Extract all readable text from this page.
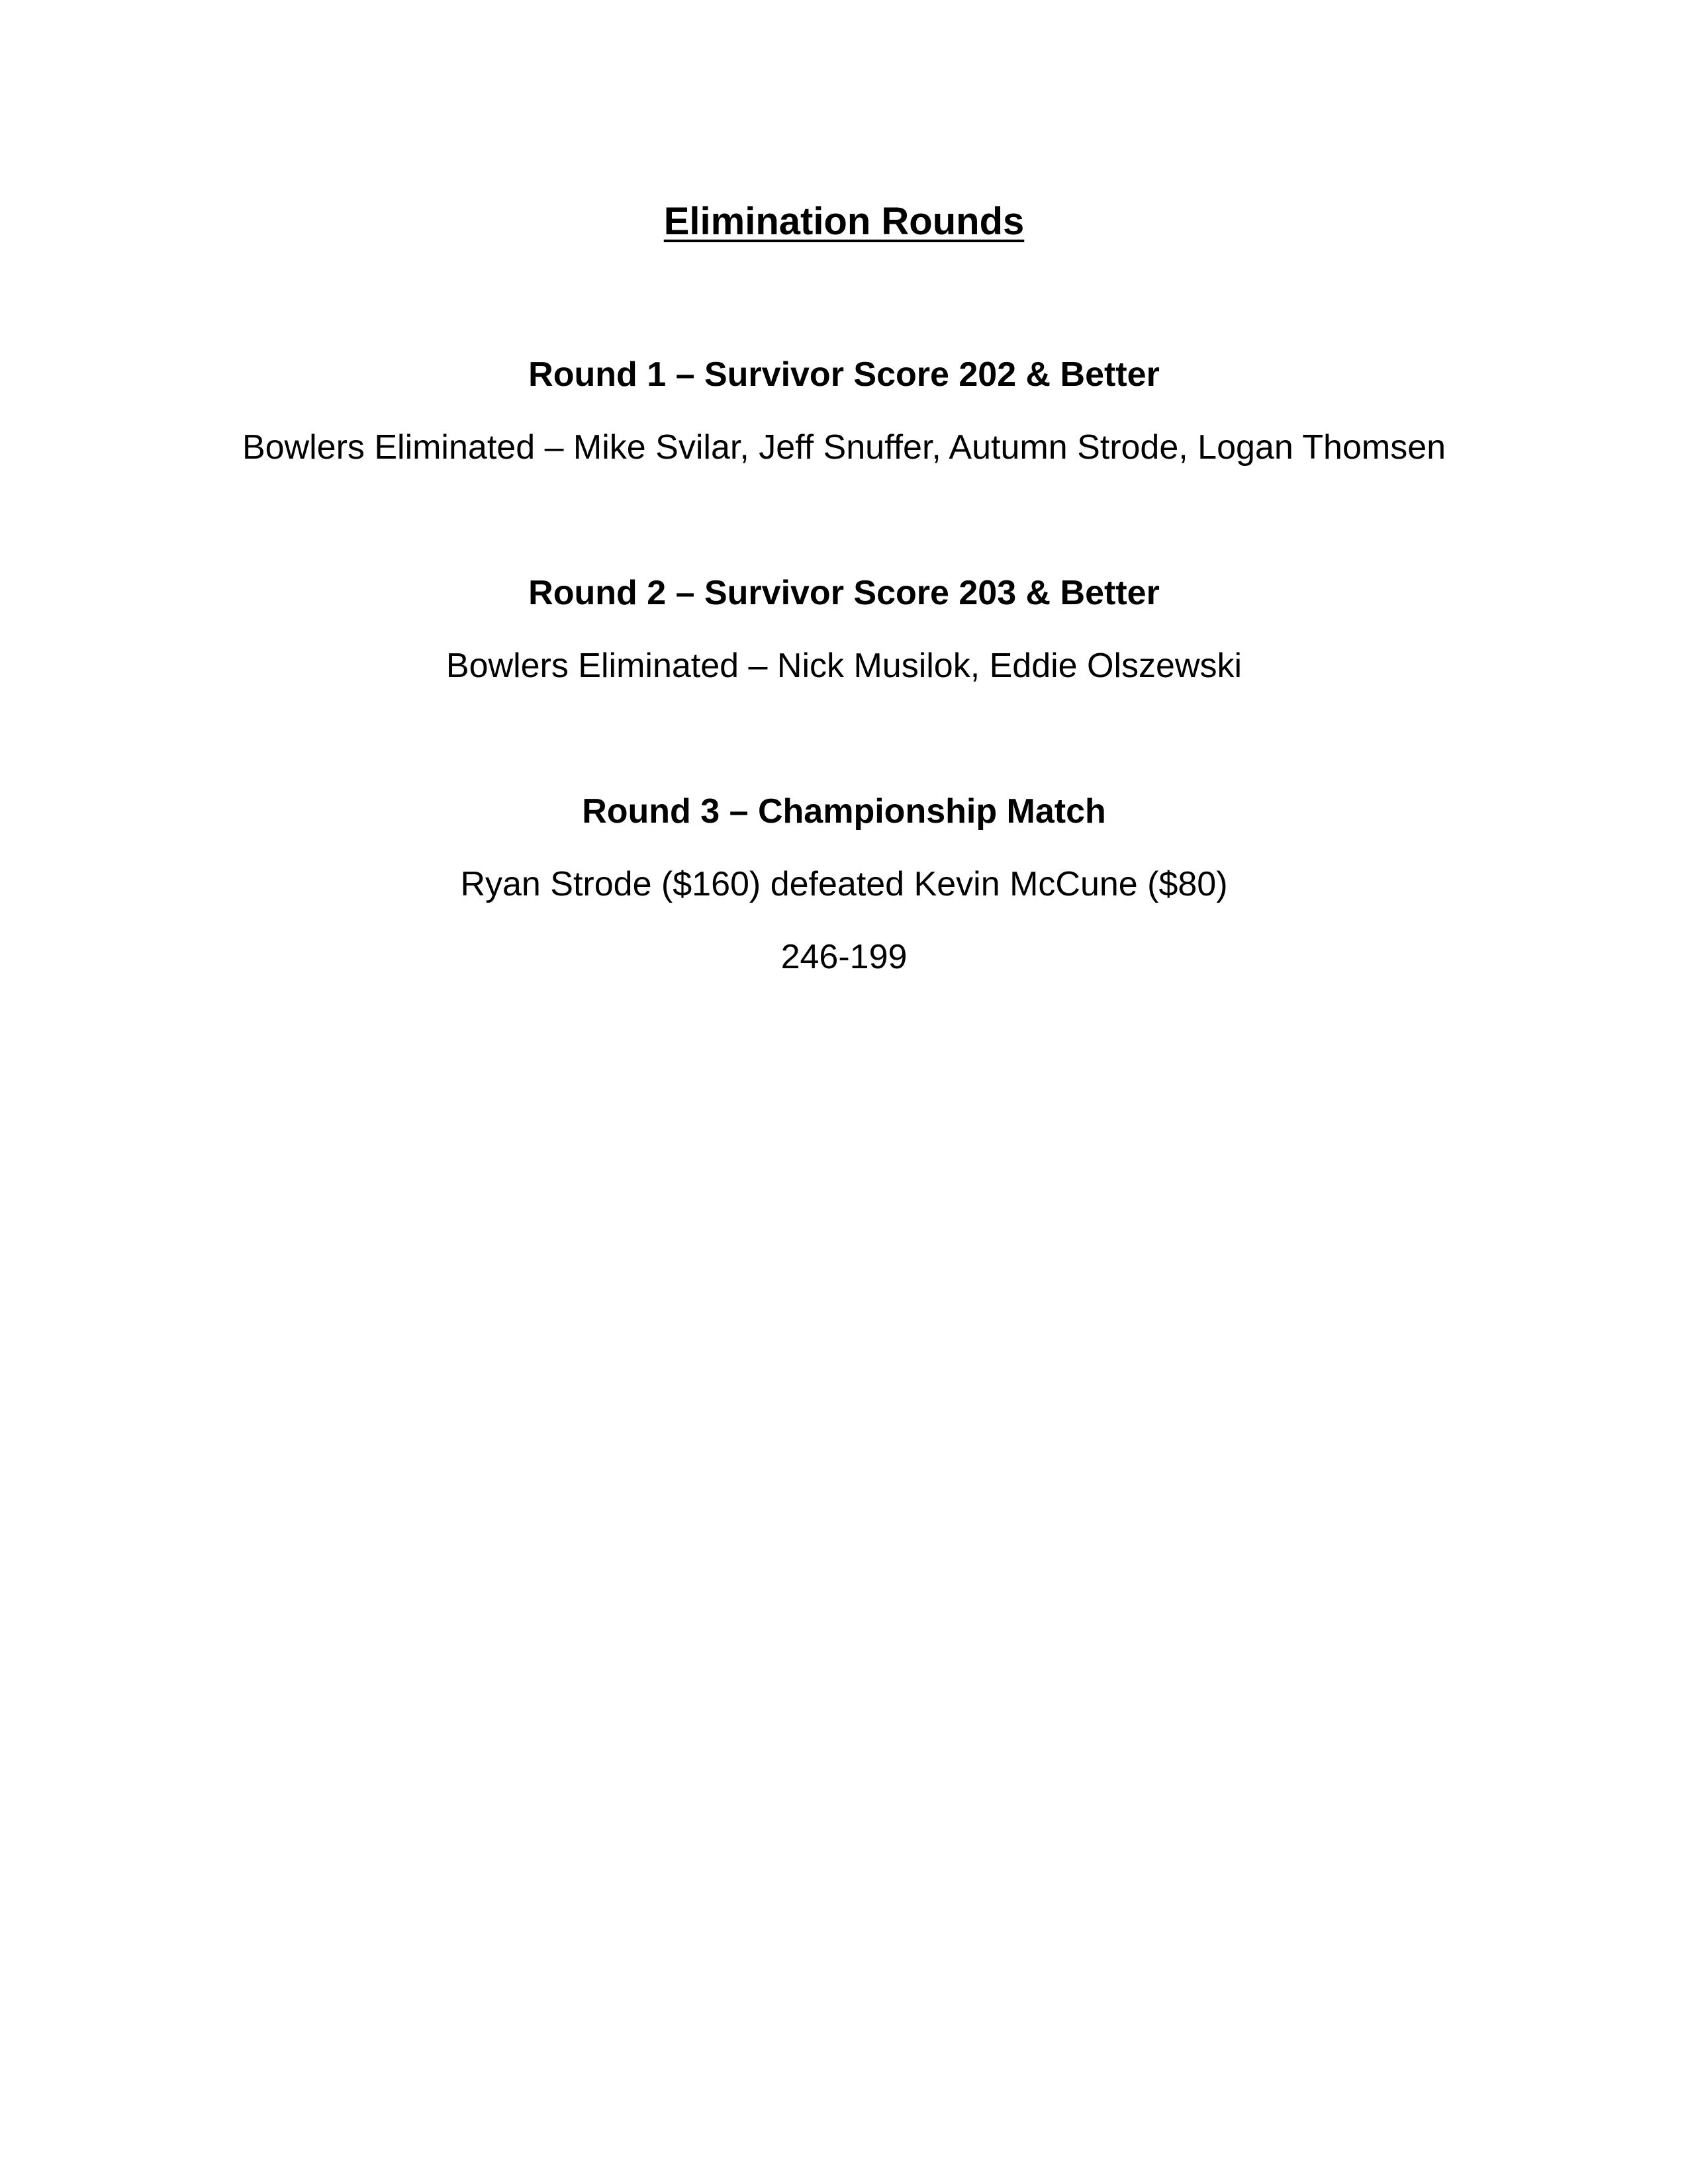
Elimination Rounds
Round 1 – Survivor Score 202 & Better
Bowlers Eliminated – Mike Svilar, Jeff Snuffer, Autumn Strode, Logan Thomsen
Round 2 – Survivor Score 203 & Better
Bowlers Eliminated – Nick Musilok, Eddie Olszewski
Round 3 – Championship Match
Ryan Strode ($160) defeated Kevin McCune ($80)
246-199
